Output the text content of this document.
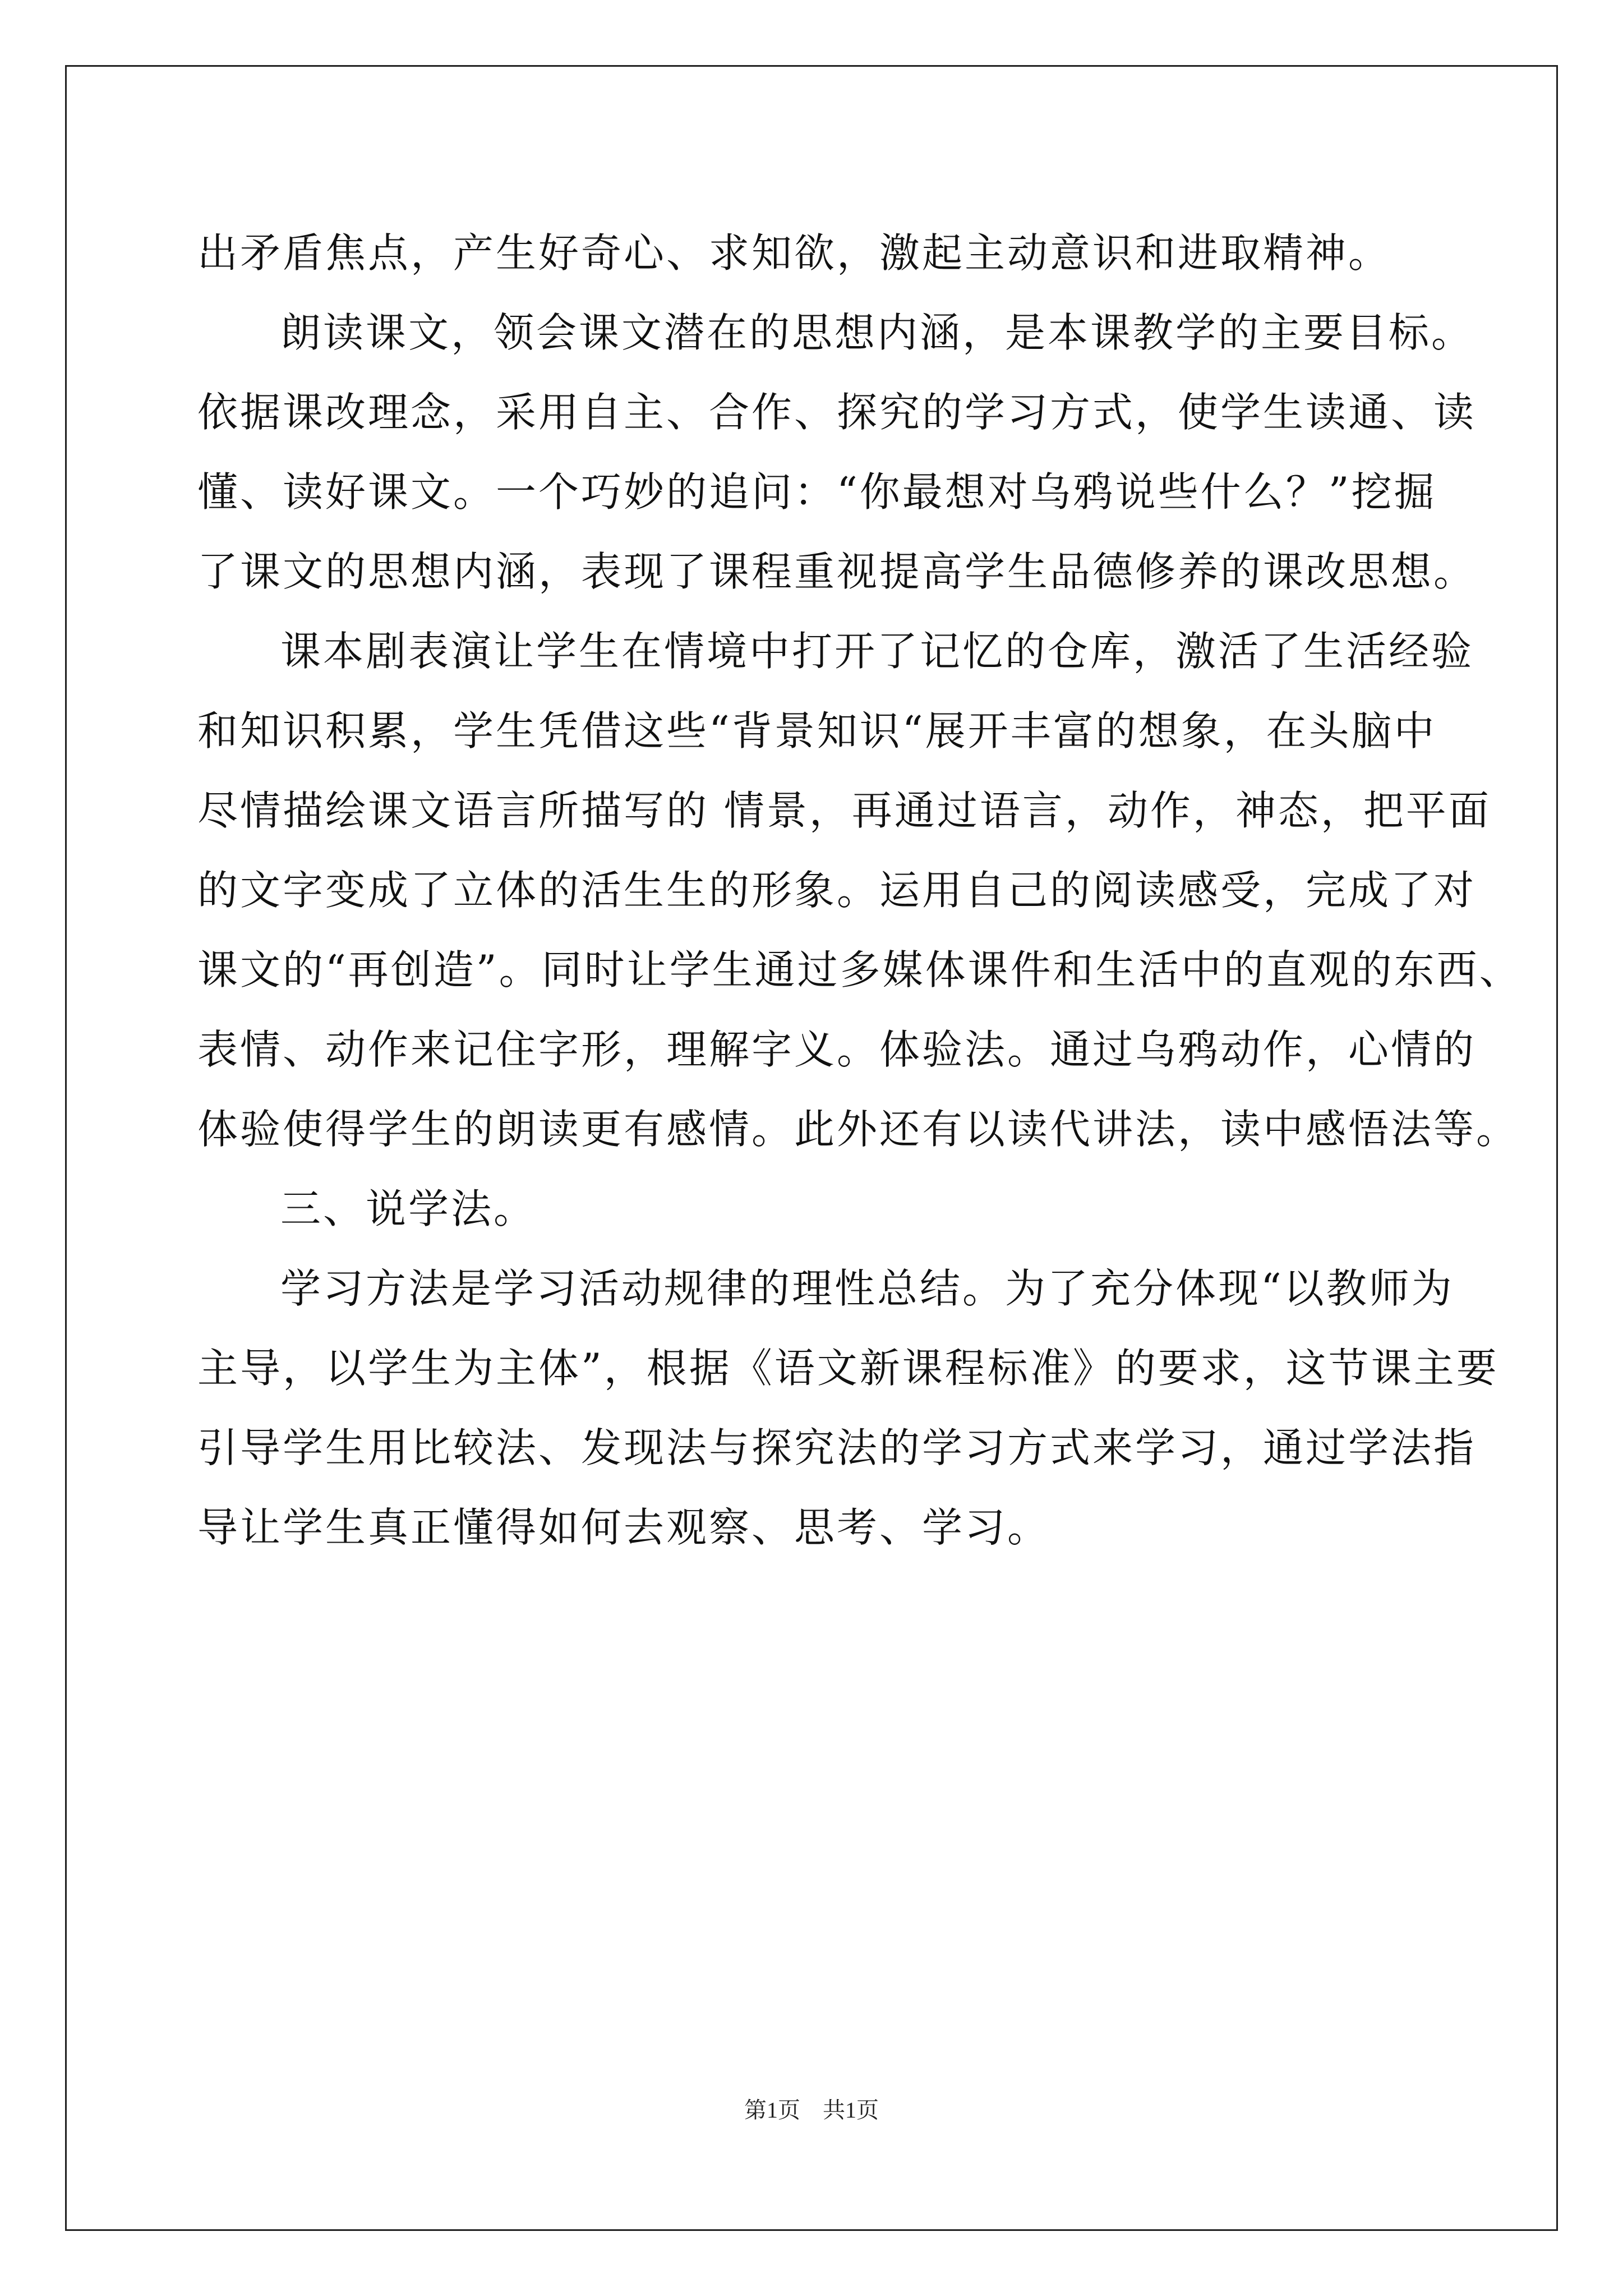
出矛盾焦点，产生好奇心、求知欲，激起主动意识和进取精神。
朗读课文，领会课文潜在的思想内涵，是本课教学的主要目标。
依据课改理念，采用自主、合作、探究的学习方式，使学生读通、读
懂、读好课文。一个巧妙的追问：“你最想对乌鸦说些什么？”挖掘
了课文的思想内涵，表现了课程重视提高学生品德修养的课改思想。
课本剧表演让学生在情境中打开了记忆的仓库，激活了生活经验
和知识积累，学生凭借这些“背景知识“展开丰富的想象，在头脑中
尽情描绘课文语言所描写的 情景，再通过语言，动作，神态，把平面
的文字变成了立体的活生生的形象。运用自己的阅读感受，完成了对
课文的“再创造”。同时让学生通过多媒体课件和生活中的直观的东西、
表情、动作来记住字形，理解字义。体验法。通过乌鸦动作，心情的
体验使得学生的朗读更有感情。此外还有以读代讲法，读中感悟法等。
三、说学法。
学习方法是学习活动规律的理性总结。为了充分体现“以教师为
主导，以学生为主体”，根据《语文新课程标准》的要求，这节课主要
引导学生用比较法、发现法与探究法的学习方式来学习，通过学法指
导让学生真正懂得如何去观察、思考、学习。
第1页 共1页
